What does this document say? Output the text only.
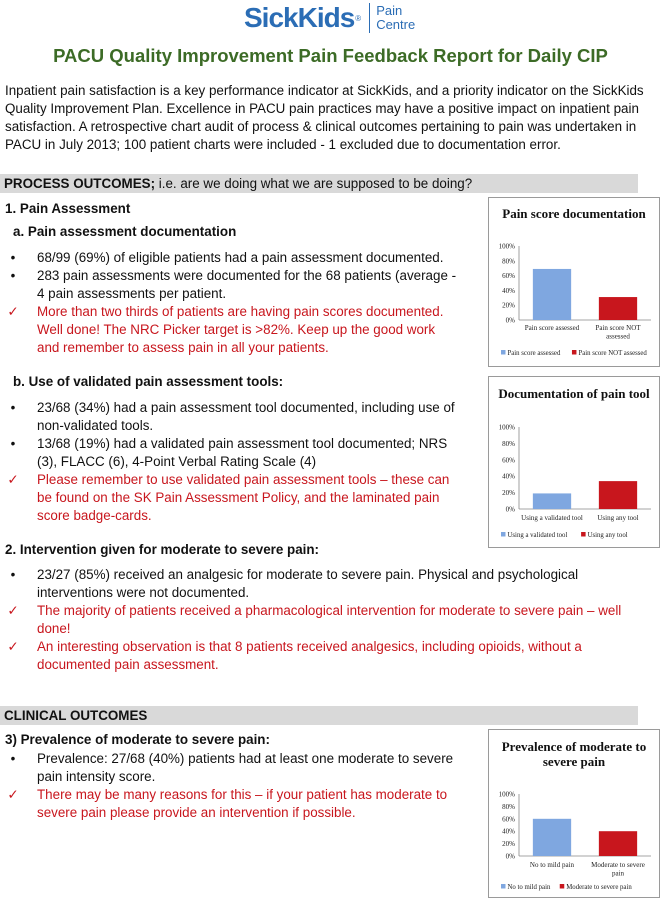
SickKids ® Pain
Centre
PACU Quality Improvement Pain Feedback Report for Daily CIP
Inpatient pain satisfaction is a key performance indicator at SickKids, and a priority indicator on the SickKids Quality Improvement Plan. Excellence in PACU pain practices may have a positive impact on inpatient pain satisfaction. A retrospective chart audit of process & clinical outcomes pertaining to pain was undertaken in PACU in July 2013; 100 patient charts were included - 1 excluded due to documentation error.
PROCESS OUTCOMES; i.e. are we doing what we are supposed to be doing?
1. Pain Assessment
a. Pain assessment documentation
•	68/99 (69%) of eligible patients had a pain assessment documented.
•	283 pain assessments were documented for the 68 patients (average - 4 pain assessments per patient.
✓ More than two thirds of patients are having pain scores documented. Well done! The NRC Picker target is >82%. Keep up the good work and remember to assess pain in all your patients.
b. Use of validated pain assessment tools:
•	23/68 (34%) had a pain assessment tool documented, including use of non-validated tools.
•	13/68 (19%) had a validated pain assessment tool documented; NRS (3), FLACC (6), 4-Point Verbal Rating Scale (4)
✓ Please remember to use validated pain assessment tools – these can be found on the SK Pain Assessment Policy, and the laminated pain score badge-cards.
2. Intervention given for moderate to severe pain:
•	23/27 (85%) received an analgesic for moderate to severe pain. Physical and psychological interventions were not documented.
✓ The majority of patients received a pharmacological intervention for moderate to severe pain – well done!
✓ An interesting observation is that 8 patients received analgesics, including opioids, without a documented pain assessment.
CLINICAL OUTCOMES
3) Prevalence of moderate to severe pain:
•	Prevalence: 27/68 (40%) patients had at least one moderate to severe pain intensity score.
✓ There may be many reasons for this – if your patient has moderate to severe pain please provide an intervention if possible.
Pain score documentation
0%
20%
40%
60%
80%
100%
Pain score assessed Pain score NOT assessed
Pain score assessed	Pain score NOT assessed
Documentation of pain tool
0%
20%
40%
60%
80%
100%
Using a validated tool Using any tool
Using a validated tool	Using any tool
Prevalence of moderate to severe pain
0%
20%
40%
60%
80%
100%
No to mild pain Moderate to severe pain
No to mild pain Moderate to severe pain
